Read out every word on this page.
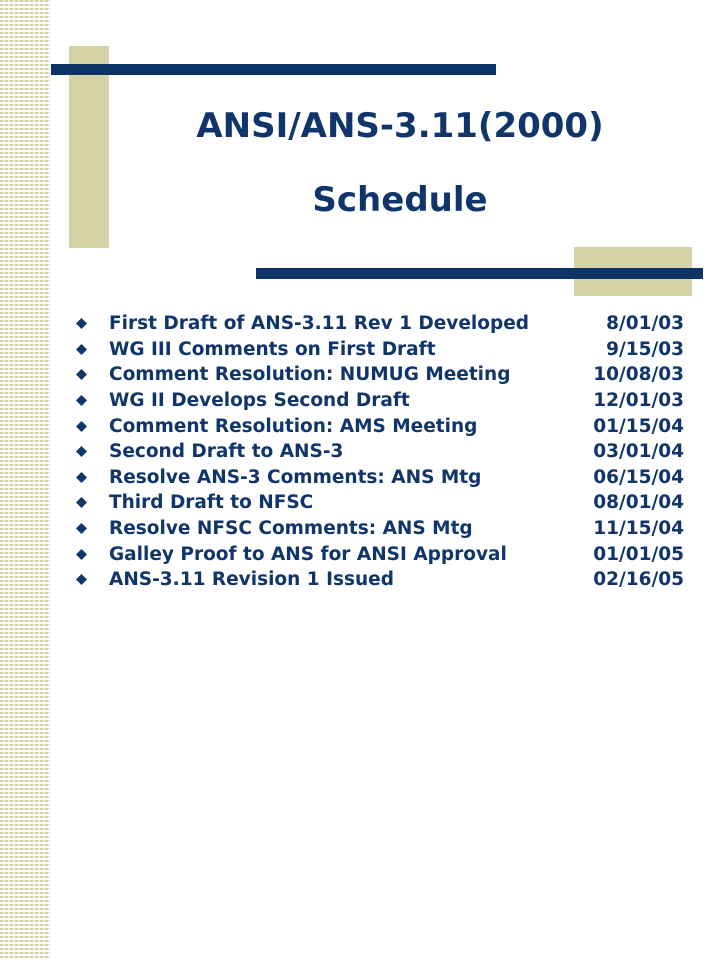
ANSI/ANS-3.11(2000)
Schedule
First Draft of ANS-3.11 Rev 1 Developed	8/01/03
WG III Comments on First Draft	9/15/03
Comment Resolution: NUMUG Meeting	10/08/03
WG II Develops Second Draft	12/01/03
Comment Resolution: AMS Meeting	01/15/04
Second Draft to ANS-3	03/01/04
Resolve ANS-3 Comments: ANS Mtg	06/15/04
Third Draft to NFSC	08/01/04
Resolve NFSC Comments: ANS Mtg	11/15/04
Galley Proof to ANS for ANSI Approval	01/01/05
ANS-3.11 Revision 1 Issued	02/16/05
